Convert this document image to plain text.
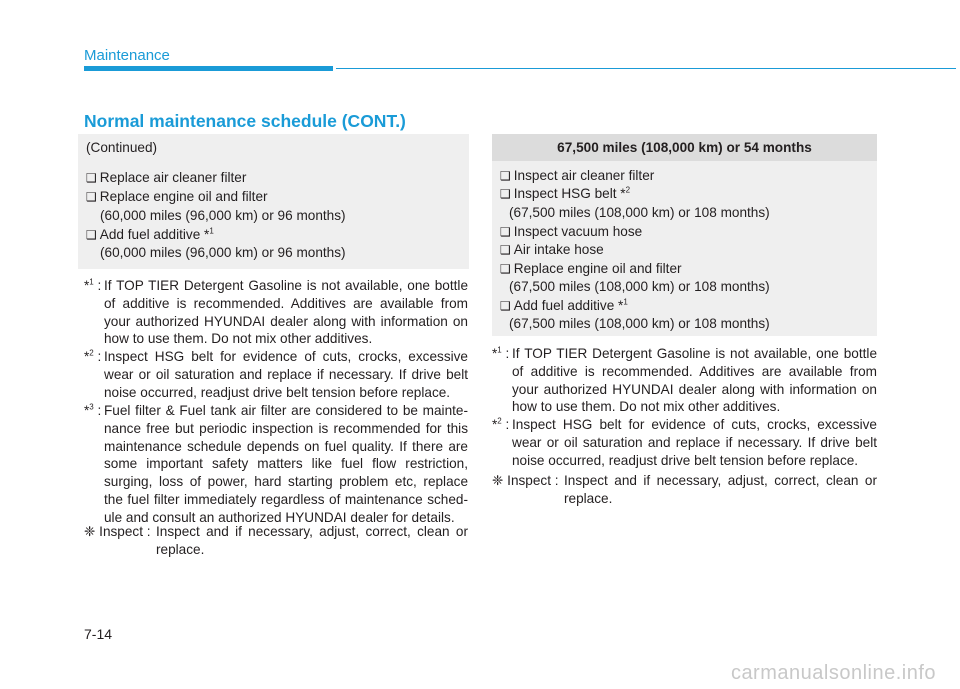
Maintenance
Normal maintenance schedule (CONT.)
(Continued)
❑ Replace air cleaner filter
❑ Replace engine oil and filter
(60,000 miles (96,000 km) or 96 months)
❑ Add fuel additive *$^1$
(60,000 miles (96,000 km) or 96 months)
*$^1$ : If TOP TIER Detergent Gasoline is not available, one bottle of additive is recommended. Additives are available from your authorized HYUNDAI dealer along with information on how to use them. Do not mix other additives.
*$^2$ : Inspect HSG belt for evidence of cuts, crocks, excessive wear or oil saturation and replace if necessary. If drive belt noise occurred, readjust drive belt tension before replace.
*$^3$ : Fuel filter & Fuel tank air filter are considered to be mainte- nance free but periodic inspection is recommended for this maintenance schedule depends on fuel quality. If there are some important safety matters like fuel flow restriction, surging, loss of power, hard starting problem etc, replace the fuel filter immediately regardless of maintenance sched- ule and consult an authorized HYUNDAI dealer for details.
❈ Inspect : Inspect and if necessary, adjust, correct, clean or replace.
67,500 miles (108,000 km) or 54 months
❑ Inspect air cleaner filter
❑ Inspect HSG belt *$^2$
(67,500 miles (108,000 km) or 108 months)
❑ Inspect vacuum hose
❑ Air intake hose
❑ Replace engine oil and filter
(67,500 miles (108,000 km) or 108 months)
❑ Add fuel additive *$^1$
(67,500 miles (108,000 km) or 108 months)
*$^1$ : If TOP TIER Detergent Gasoline is not available, one bottle of additive is recommended. Additives are available from your authorized HYUNDAI dealer along with information on how to use them. Do not mix other additives.
*$^2$ : Inspect HSG belt for evidence of cuts, crocks, excessive wear or oil saturation and replace if necessary. If drive belt noise occurred, readjust drive belt tension before replace.
❈ Inspect : Inspect and if necessary, adjust, correct, clean or replace.
7-14
carmanualsonline.info
